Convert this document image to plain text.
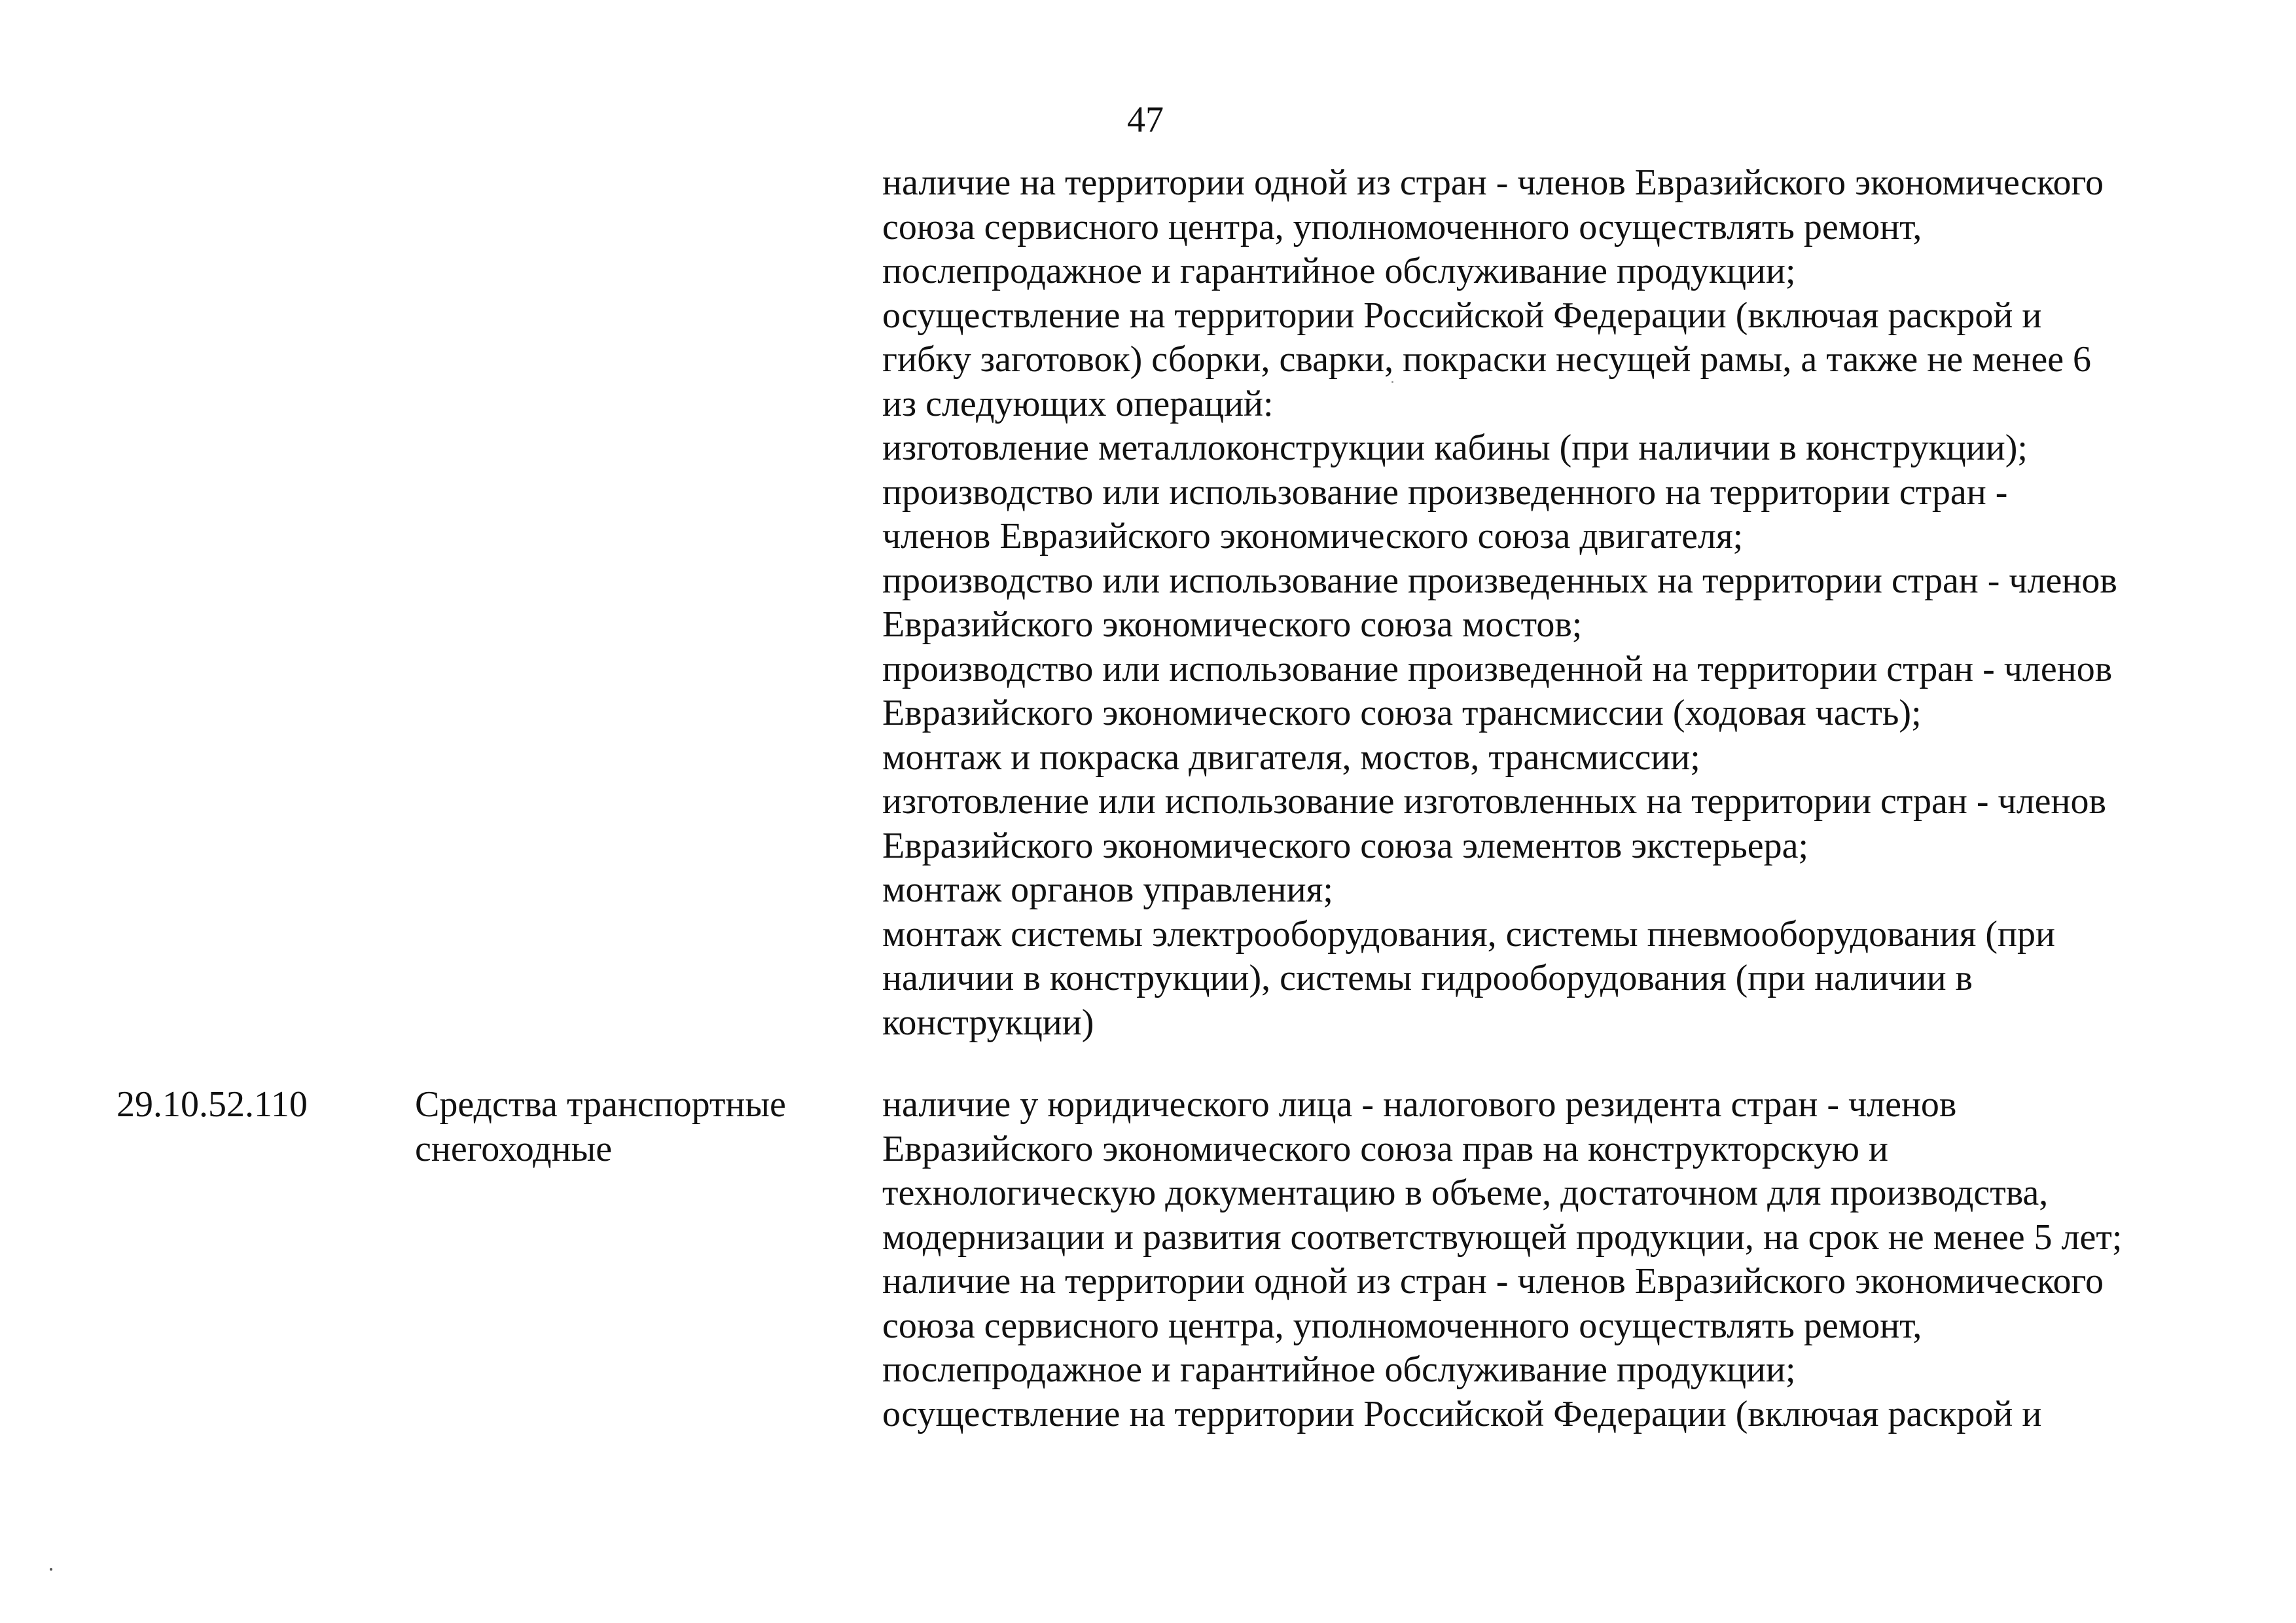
47
наличие на территории одной из стран - членов Евразийского экономического
союза сервисного центра, уполномоченного осуществлять ремонт,
послепродажное и гарантийное обслуживание продукции;
осуществление на территории Российской Федерации (включая раскрой и
гибку заготовок) сборки, сварки, покраски несущей рамы, а также не менее 6
из следующих операций:
изготовление металлоконструкции кабины (при наличии в конструкции);
производство или использование произведенного на территории стран -
членов Евразийского экономического союза двигателя;
производство или использование произведенных на территории стран - членов
Евразийского экономического союза мостов;
производство или использование произведенной на территории стран - членов
Евразийского экономического союза трансмиссии (ходовая часть);
монтаж и покраска двигателя, мостов, трансмиссии;
изготовление или использование изготовленных на территории стран - членов
Евразийского экономического союза элементов экстерьера;
монтаж органов управления;
монтаж системы электрооборудования, системы пневмооборудования (при
наличии в конструкции), системы гидрооборудования (при наличии в
конструкции)
29.10.52.110	Средства транспортные
снегоходные
наличие у юридического лица - налогового резидента стран - членов
Евразийского экономического союза прав на конструкторскую и
технологическую документацию в объеме, достаточном для производства,
модернизации и развития соответствующей продукции, на срок не менее 5 лет;
наличие на территории одной из стран - членов Евразийского экономического
союза сервисного центра, уполномоченного осуществлять ремонт,
послепродажное и гарантийное обслуживание продукции;
осуществление на территории Российской Федерации (включая раскрой и
